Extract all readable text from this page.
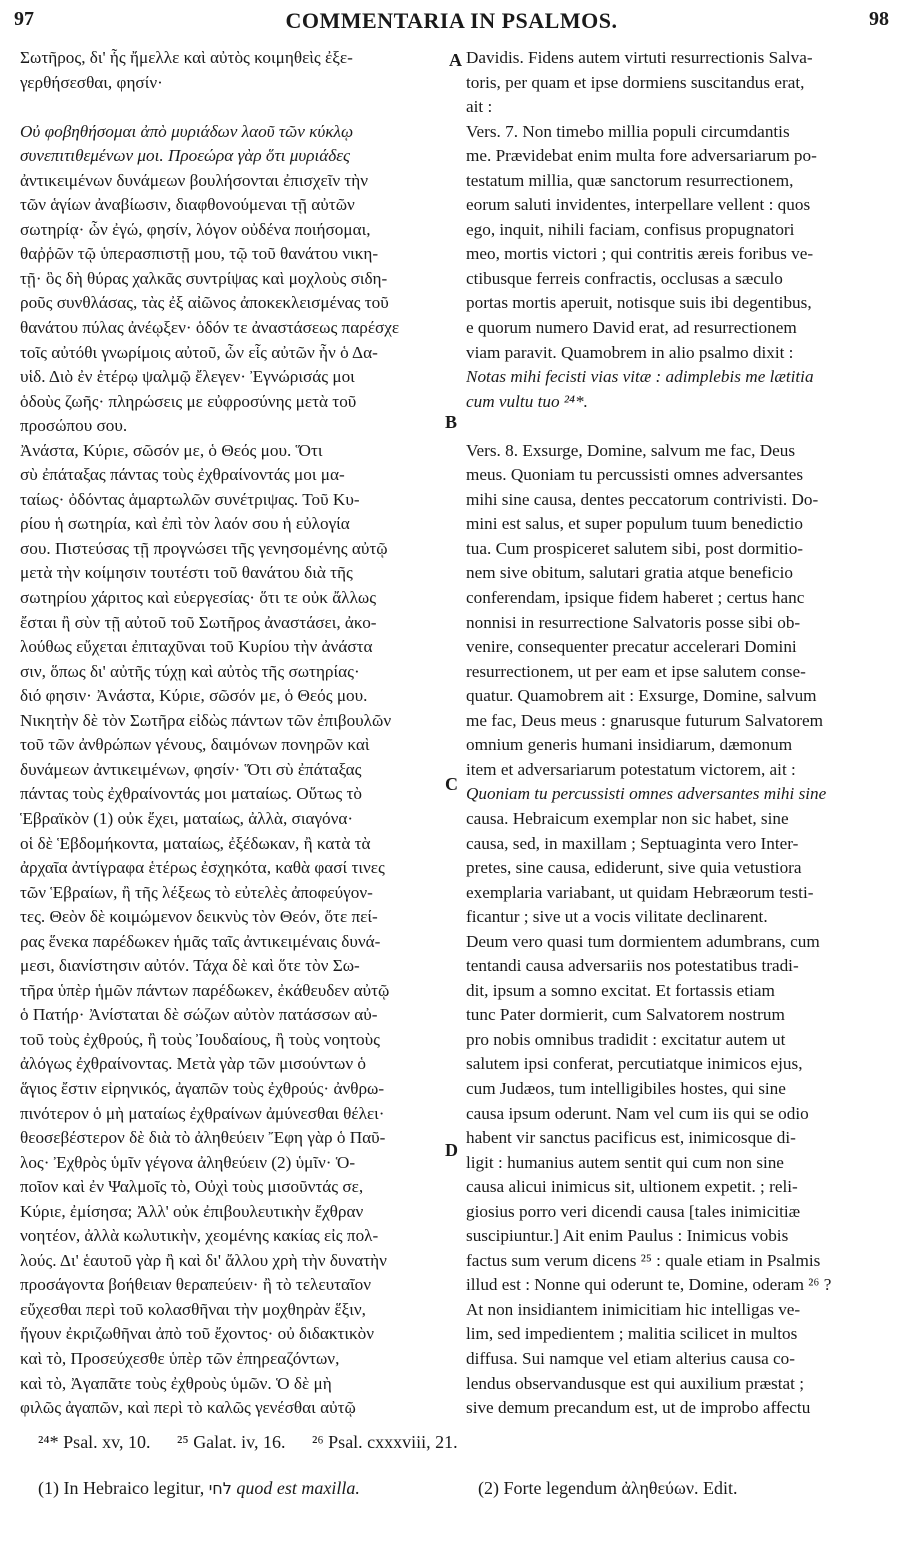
97	COMMENTARIA IN PSALMOS.	98
Σωτῆρος, δι' ἧς ἤμελλε καὶ αὐτὸς κοιμηθεὶς ἐξε-
γερθήσεσθαι, φησίν·
Οὐ φοβηθήσομαι ἀπὸ μυριάδων λαοῦ τῶν κύκλῳ
συνεπιτιθεμένων μοι. Προεώρα γὰρ ὅτι μυριάδες
ἀντικειμένων δυνάμεων βουλήσονται ἐπισχεῖν τὴν
τῶν ἁγίων ἀναβίωσιν, διαφθονούμεναι τῇ αὐτῶν
σωτηρίᾳ· ὧν ἐγώ, φησίν, λόγον οὐδένα ποιήσομαι,
θαῤῥῶν τῷ ὑπερασπιστῇ μου, τῷ τοῦ θανάτου νικη-
τῇ· ὃς δὴ θύρας χαλκᾶς συντρίψας καὶ μοχλοὺς σιδη-
ροῦς συνθλάσας, τὰς ἐξ αἰῶνος ἀποκεκλεισμένας τοῦ
θανάτου πύλας ἀνέῳξεν· ὁδόν τε ἀναστάσεως παρέσχε
τοῖς αὐτόθι γνωρίμοις αὐτοῦ, ὧν εἷς αὐτῶν ἦν ὁ Δα-
υἱδ. Διὸ ἐν ἑτέρῳ ψαλμῷ ἔλεγεν· Ἐγνώρισάς μοι
ὁδοὺς ζωῆς· πληρώσεις με εὐφροσύνης μετὰ τοῦ
προσώπου σου.
Ἀνάστα, Κύριε, σῶσόν με, ὁ Θεός μου. Ὅτι
σὺ ἐπάταξας πάντας τοὺς ἐχθραίνοντάς μοι μα-
ταίως· ὀδόντας ἁμαρτωλῶν συνέτριψας. Τοῦ Κυ-
ρίου ἡ σωτηρία, καὶ ἐπὶ τὸν λαόν σου ἡ εὐλογία
σου. Πιστεύσας τῇ προγνώσει τῆς γενησομένης αὐτῷ
μετὰ τὴν κοίμησιν τουτέστι τοῦ θανάτου διὰ τῆς
σωτηρίου χάριτος καὶ εὐεργεσίας· ὅτι τε οὐκ ἄλλως
ἔσται ἢ σὺν τῇ αὐτοῦ τοῦ Σωτῆρος ἀναστάσει, ἀκο-
λούθως εὔχεται ἐπιταχῦναι τοῦ Κυρίου τὴν ἀνάστα
σιν, ὅπως δι' αὐτῆς τύχῃ καὶ αὐτὸς τῆς σωτηρίας·
διό φησιν· Ἀνάστα, Κύριε, σῶσόν με, ὁ Θεός μου.
Νικητὴν δὲ τὸν Σωτῆρα εἰδὼς πάντων τῶν ἐπιβουλῶν
τοῦ τῶν ἀνθρώπων γένους, δαιμόνων πονηρῶν καὶ
δυνάμεων ἀντικειμένων, φησίν· Ὅτι σὺ ἐπάταξας
πάντας τοὺς ἐχθραίνοντάς μοι ματαίως. Οὕτως τὸ
Ἑβραϊκὸν (1) οὐκ ἔχει, ματαίως, ἀλλὰ, σιαγόνα·
οἱ δὲ Ἑβδομήκοντα, ματαίως, ἐξέδωκαν, ἢ κατὰ τὰ
ἀρχαῖα ἀντίγραφα ἑτέρως ἐσχηκότα, καθὰ φασί τινες
τῶν Ἑβραίων, ἢ τῆς λέξεως τὸ εὐτελὲς ἀποφεύγον-
τες. Θεὸν δὲ κοιμώμενον δεικνὺς τὸν Θεόν, ὅτε πεί-
ρας ἕνεκα παρέδωκεν ἡμᾶς ταῖς ἀντικειμέναις δυνά-
μεσι, διανίστησιν αὐτόν. Τάχα δὲ καὶ ὅτε τὸν Σω-
τῆρα ὑπὲρ ἡμῶν πάντων παρέδωκεν, ἐκάθευδεν αὐτῷ
ὁ Πατήρ· Ἀνίσταται δὲ σώζων αὐτὸν πατάσσων αὐ-
τοῦ τοὺς ἐχθρούς, ἢ τοὺς Ἰουδαίους, ἢ τοὺς νοητοὺς
ἀλόγως ἐχθραίνοντας. Μετὰ γὰρ τῶν μισούντων ὁ
ἅγιος ἔστιν εἰρηνικός, ἀγαπῶν τοὺς ἐχθρούς· ἀνθρω-
πινότερον ὁ μὴ ματαίως ἐχθραίνων ἀμύνεσθαι θέλει·
θεοσεβέστερον δὲ διὰ τὸ ἀληθεύειν Ἔφη γὰρ ὁ Παῦ-
λος· Ἐχθρὸς ὑμῖν γέγονα ἀληθεύειν (2) ὑμῖν· Ὁ-
ποῖον καὶ ἐν Ψαλμοῖς τὸ, Οὐχὶ τοὺς μισοῦντάς σε,
Κύριε, ἐμίσησα; Ἀλλ' οὐκ ἐπιβουλευτικὴν ἔχθραν
νοητέον, ἀλλὰ κωλυτικὴν, χεομένης κακίας εἰς πολ-
λούς. Δι' ἑαυτοῦ γὰρ ἢ καὶ δι' ἄλλου χρὴ τὴν δυνατὴν
προσάγοντα βοήθειαν θεραπεύειν· ἢ τὸ τελευταῖον
εὔχεσθαι περὶ τοῦ κολασθῆναι τὴν μοχθηρὰν ἕξιν,
ἤγουν ἐκριζωθῆναι ἀπὸ τοῦ ἔχοντος· οὐ διδακτικὸν
καὶ τὸ, Προσεύχεσθε ὑπὲρ τῶν ἐπηρεαζόντων,
καὶ τὸ, Ἀγαπᾶτε τοὺς ἐχθροὺς ὑμῶν. Ὁ δὲ μὴ
φιλῶς ἀγαπῶν, καὶ περὶ τὸ καλῶς γενέσθαι αὐτῷ
A
B
C
D
Davidis. Fidens autem virtuti resurrectionis Salva-
toris, per quam et ipse dormiens suscitandus erat,
ait :
Vers. 7. Non timebo millia populi circumdantis
me. Prævidebat enim multa fore adversariarum po-
testatum millia, quæ sanctorum resurrectionem,
eorum saluti invidentes, interpellare vellent : quos
ego, inquit, nihili faciam, confisus propugnatori
meo, mortis victori ; qui contritis æreis foribus ve-
ctibusque ferreis confractis, occlusas a sæculo
portas mortis aperuit, notisque suis ibi degentibus,
e quorum numero David erat, ad resurrectionem
viam paravit. Quamobrem in alio psalmo dixit :
Notas mihi fecisti vias vitæ : adimplebis me lætitia
cum vultu tuo ²⁴*.
Vers. 8. Exsurge, Domine, salvum me fac, Deus
meus. Quoniam tu percussisti omnes adversantes
mihi sine causa, dentes peccatorum contrivisti. Do-
mini est salus, et super populum tuum benedictio
tua. Cum prospiceret salutem sibi, post dormitio-
nem sive obitum, salutari gratia atque beneficio
conferendam, ipsique fidem haberet ; certus hanc
nonnisi in resurrectione Salvatoris posse sibi ob-
venire, consequenter precatur accelerari Domini
resurrectionem, ut per eam et ipse salutem conse-
quatur. Quamobrem ait : Exsurge, Domine, salvum
me fac, Deus meus : gnarusque futurum Salvatorem
omnium generis humani insidiarum, dæmonum
item et adversariarum potestatum victorem, ait :
Quoniam tu percussisti omnes adversantes mihi sine
causa. Hebraicum exemplar non sic habet, sine
causa, sed, in maxillam ; Septuaginta vero Inter-
pretes, sine causa, ediderunt, sive quia vetustiora
exemplaria variabant, ut quidam Hebræorum testi-
ficantur ; sive ut a vocis vilitate declinarent.
Deum vero quasi tum dormientem adumbrans, cum
tentandi causa adversariis nos potestatibus tradi-
dit, ipsum a somno excitat. Et fortassis etiam
tunc Pater dormierit, cum Salvatorem nostrum
pro nobis omnibus tradidit : excitatur autem ut
salutem ipsi conferat, percutiatque inimicos ejus,
cum Judæos, tum intelligibiles hostes, qui sine
causa ipsum oderunt. Nam vel cum iis qui se odio
habent vir sanctus pacificus est, inimicosque di-
ligit : humanius autem sentit qui cum non sine
causa alicui inimicus sit, ultionem expetit. ; reli-
giosius porro veri dicendi causa [tales inimicitiæ
suscipiuntur.] Ait enim Paulus : Inimicus vobis
factus sum verum dicens ²⁵ : quale etiam in Psalmis
illud est : Nonne qui oderunt te, Domine, oderam ²⁶ ?
At non insidiantem inimicitiam hic intelligas ve-
lim, sed impedientem ; malitia scilicet in multos
diffusa. Sui namque vel etiam alterius causa co-
lendus observandusque est qui auxilium præstat ;
sive demum precandum est, ut de improbo affectu
²⁴* Psal. xv, 10. ²⁵ Galat. iv, 16. ²⁶ Psal. cxxxviii, 21.
(1) In Hebraico legitur, לחי quod est maxilla.	(2) Forte legendum ἀληθεύων. Edit.
